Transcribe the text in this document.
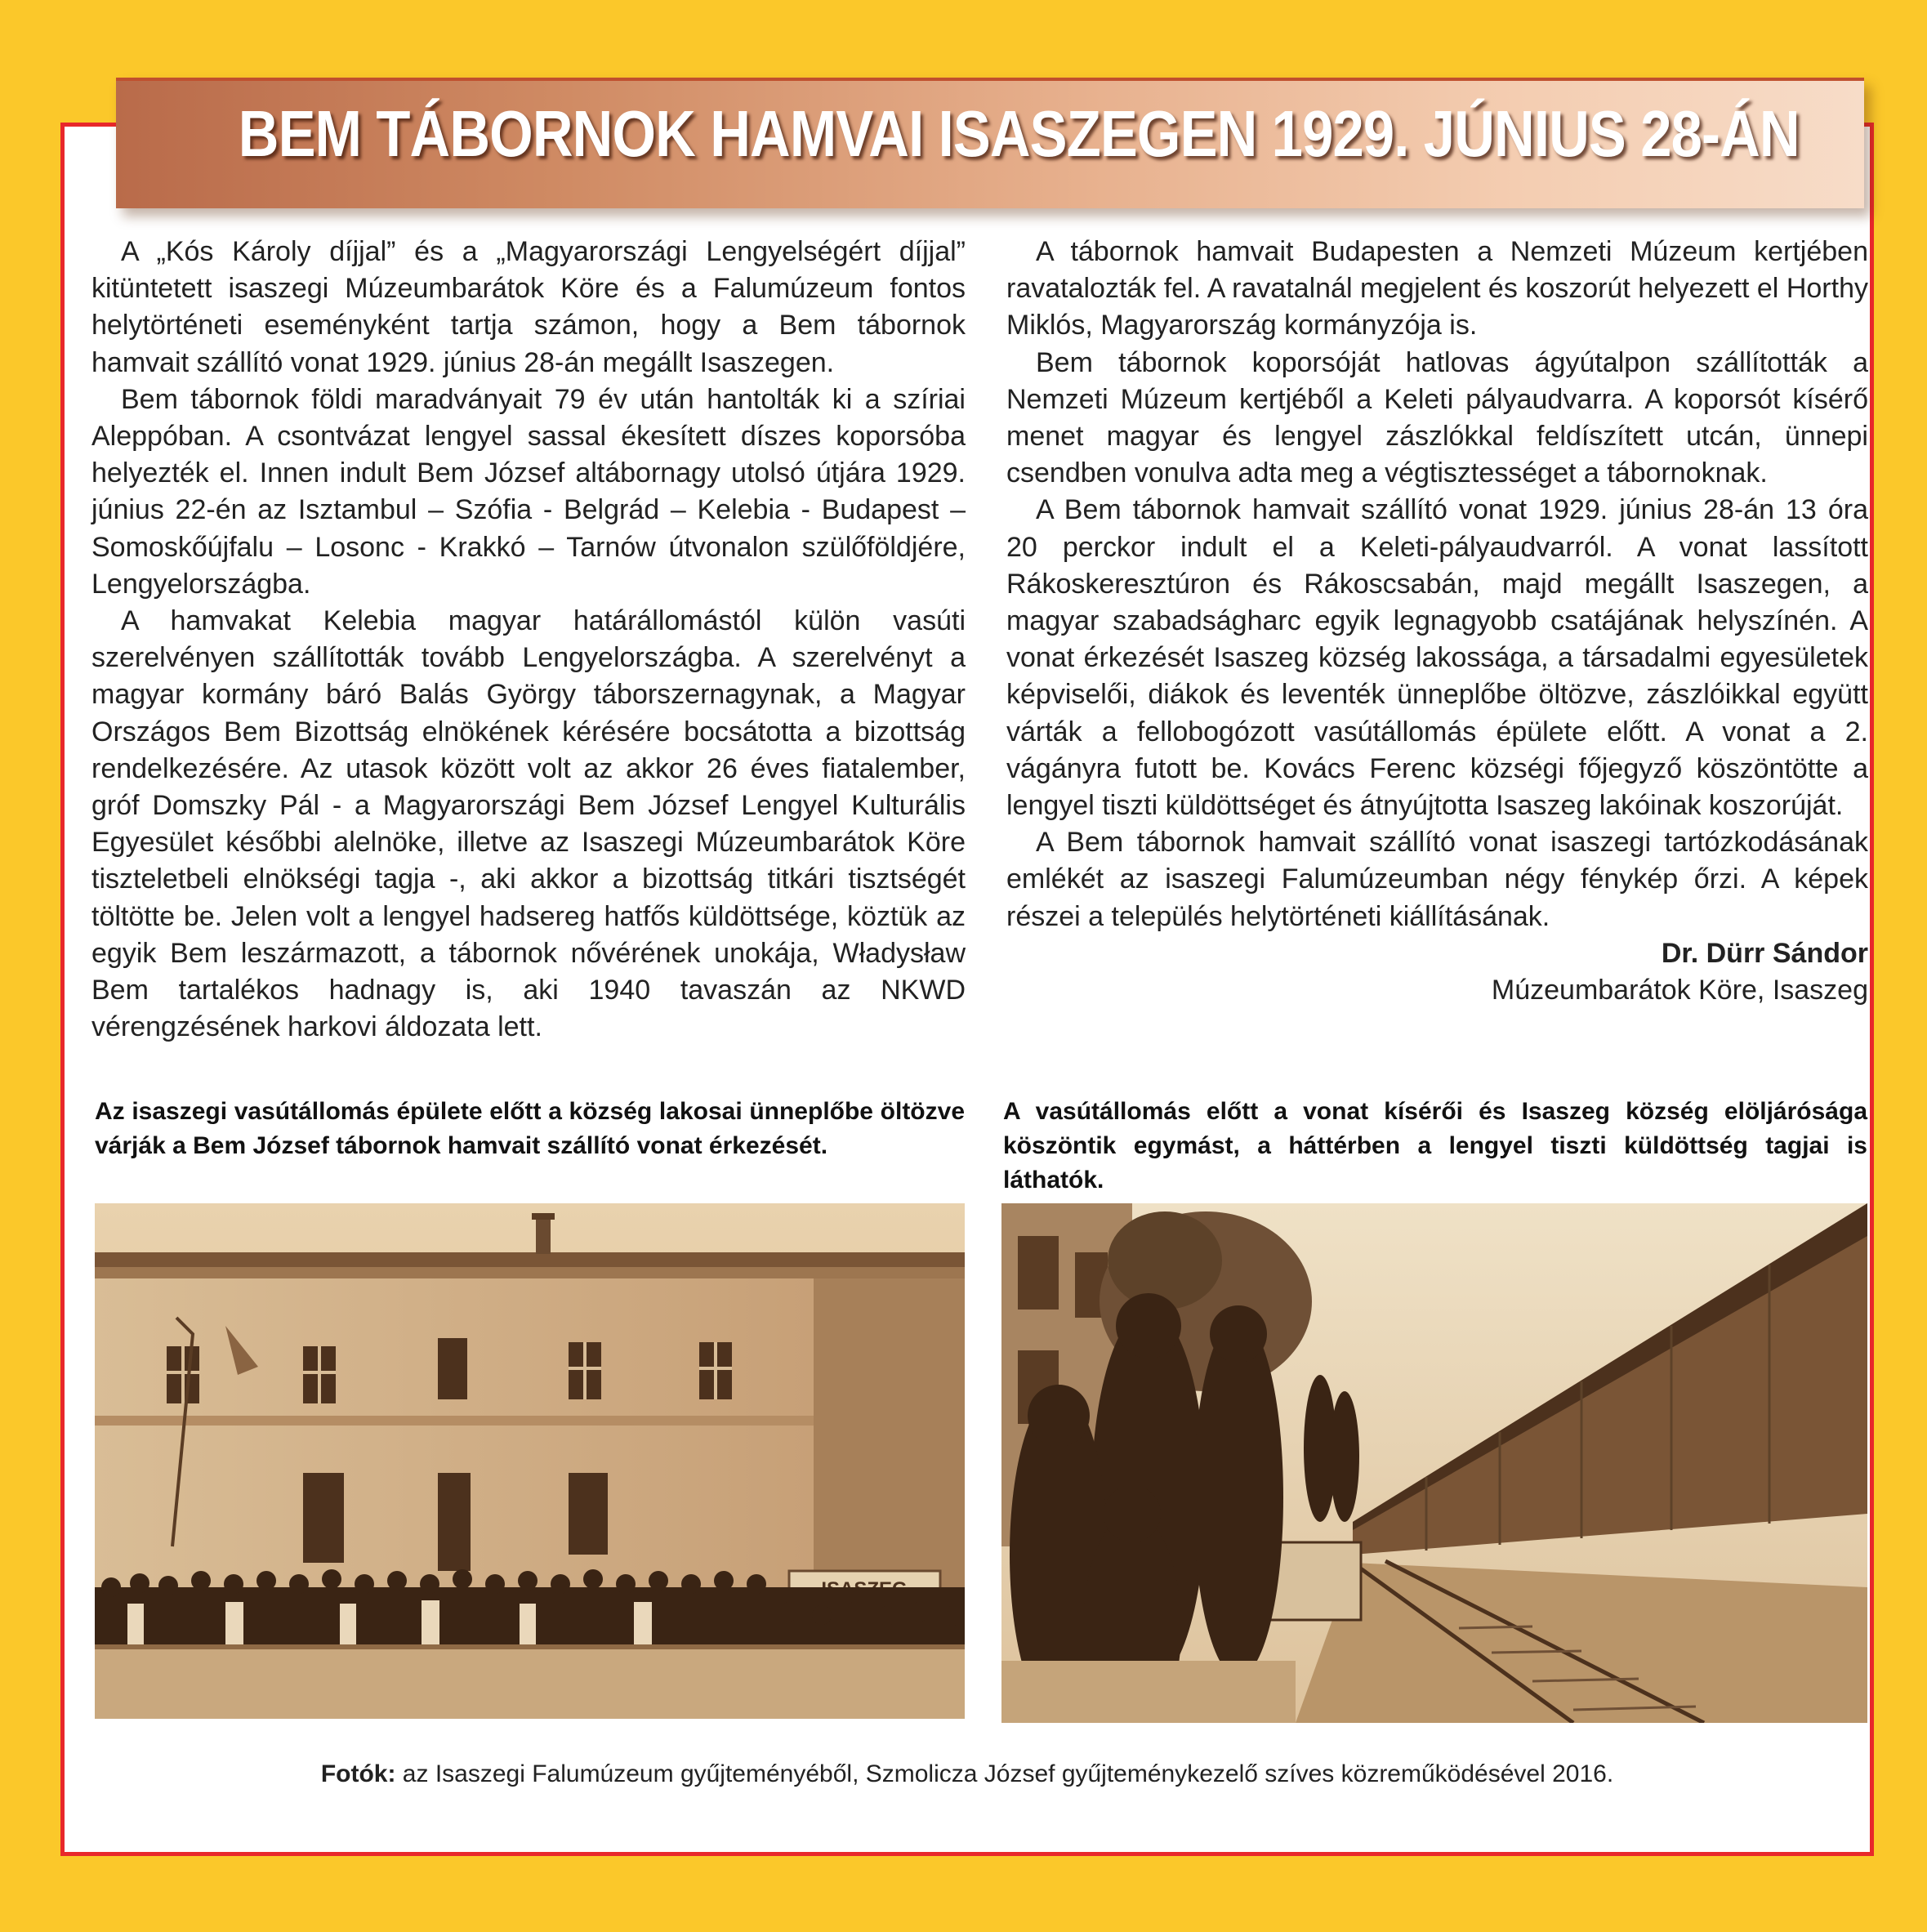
BEM TÁBORNOK HAMVAI ISASZEGEN 1929. JÚNIUS 28-ÁN

A „Kós Károly díjjal” és a „Magyarországi Lengyelségért díjjal” kitüntetett isaszegi Múzeumbarátok Köre és a Falumúzeum fontos helytörténeti eseményként tartja számon, hogy a Bem tábornok hamvait szállító vonat 1929. június 28-án megállt Isaszegen.

Bem tábornok földi maradványait 79 év után hantolták ki a szíriai Aleppóban. A csontvázat lengyel sassal ékesített díszes koporsóba helyezték el. Innen indult Bem József altábornagy utolsó útjára 1929. június 22-én az Isztambul – Szófia - Belgrád – Kelebia - Budapest – Somoskőújfalu – Losonc - Krakkó – Tarnów útvonalon szülőföldjére, Lengyelországba.

A hamvakat Kelebia magyar határállomástól külön vasúti szerelvényen szállították tovább Lengyelországba. A szerelvényt a magyar kormány báró Balás György táborszernagynak, a Magyar Országos Bem Bizottság elnökének kérésére bocsátotta a bizottság rendelkezésére. Az utasok között volt az akkor 26 éves fiatalember, gróf Domszky Pál - a Magyarországi Bem József Lengyel Kulturális Egyesület későbbi alelnöke, illetve az Isaszegi Múzeumbarátok Köre tiszteletbeli elnökségi tagja -, aki akkor a bizottság titkári tisztségét töltötte be. Jelen volt a lengyel hadsereg hatfős küldöttsége, köztük az egyik Bem leszármazott, a tábornok nővérének unokája, Władysław Bem tartalékos hadnagy is, aki 1940 tavaszán az NKWD vérengzésének harkovi áldozata lett.

A tábornok hamvait Budapesten a Nemzeti Múzeum kertjében ravatalozták fel. A ravatalnál megjelent és koszorút helyezett el Horthy Miklós, Magyarország kormányzója is.

Bem tábornok koporsóját hatlovas ágyútalpon szállították a Nemzeti Múzeum kertjéből a Keleti pályaudvarra. A koporsót kísérő menet magyar és lengyel zászlókkal feldíszített utcán, ünnepi csendben vonulva adta meg a végtisztességet a tábornoknak.

A Bem tábornok hamvait szállító vonat 1929. június 28-án 13 óra 20 perckor indult el a Keleti-pályaudvarról. A vonat lassított Rákoskeresztúron és Rákoscsabán, majd megállt Isaszegen, a magyar szabadságharc egyik legnagyobb csatájának helyszínén. A vonat érkezését Isaszeg község lakossága, a társadalmi egyesületek képviselői, diákok és leventék ünneplőbe öltözve, zászlóikkal együtt várták a fellobogózott vasútállomás épülete előtt. A vonat a 2. vágányra futott be. Kovács Ferenc községi főjegyző köszöntötte a lengyel tiszti küldöttséget és átnyújtotta Isaszeg lakóinak koszorúját.

A Bem tábornok hamvait szállító vonat isaszegi tartózkodásának emlékét az isaszegi Falumúzeumban négy fénykép őrzi. A képek részei a település helytörténeti kiállításának.

Dr. Dürr Sándor

Múzeumbarátok Köre, Isaszeg

Az isaszegi vasútállomás épülete előtt a község lakosai ünneplőbe öltözve várják a Bem József tábornok hamvait szállító vonat érkezését.
A vasútállomás előtt a vonat kísérői és Isaszeg község elöljárósága köszöntik egymást, a háttérben a lengyel tiszti küldöttség tagjai is láthatók.
Fotók: az Isaszegi Falumúzeum gyűjteményéből, Szmolicza József gyűjteménykezelő szíves közreműködésével 2016.
